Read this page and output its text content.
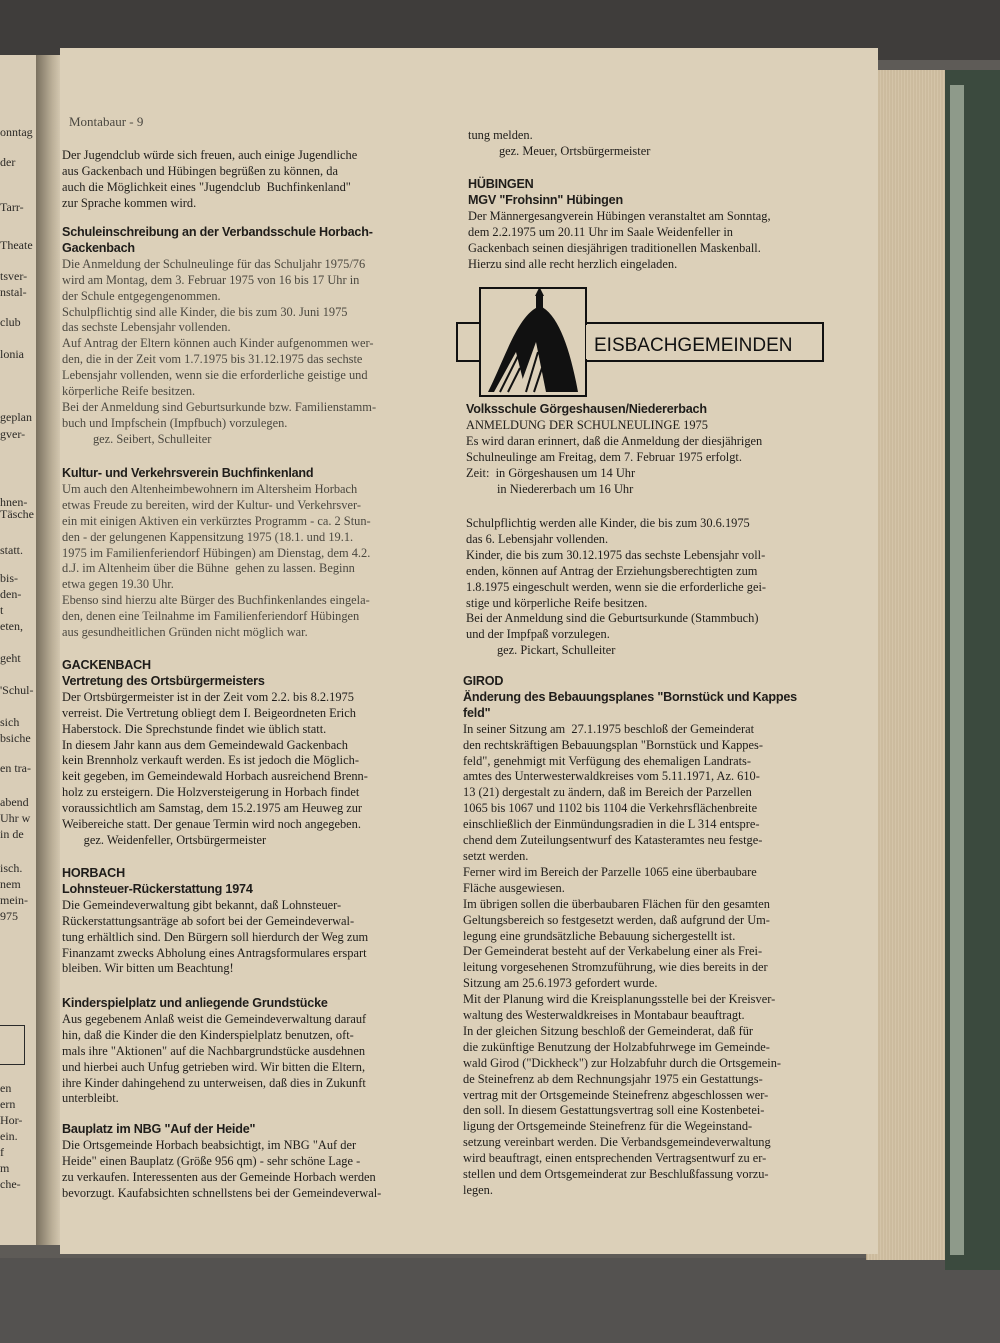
onntag
der
Tarr-
Theate
tsver-
nstal-
club
lonia
geplan
gver-
hnen-
Täsche
statt.
bis-
den-
t
eten,
geht
'Schul-
sich
bsiche
en tra-
abend
Uhr w
in de
isch.
nem
mein-
975
en
ern
Hor-
ein.
f
m
che-
Montabaur - 9

Der Jugendclub würde sich freuen, auch einige Jugendliche

aus Gackenbach und Hübingen begrüßen zu können, da

auch die Möglichkeit eines "Jugendclub  Buchfinkenland"

zur Sprache kommen wird.

Schuleinschreibung an der Verbandsschule Horbach-

Gackenbach

Die Anmeldung der Schulneulinge für das Schuljahr 1975/76

wird am Montag, dem 3. Februar 1975 von 16 bis 17 Uhr in

der Schule entgegengenommen.

Schulpflichtig sind alle Kinder, die bis zum 30. Juni 1975

das sechste Lebensjahr vollenden.

Auf Antrag der Eltern können auch Kinder aufgenommen wer-

den, die in der Zeit vom 1.7.1975 bis 31.12.1975 das sechste

Lebensjahr vollenden, wenn sie die erforderliche geistige und

körperliche Reife besitzen.

Bei der Anmeldung sind Geburtsurkunde bzw. Familienstamm-

buch und Impfschein (Impfbuch) vorzulegen.

gez. Seibert, Schulleiter

Kultur- und Verkehrsverein Buchfinkenland

Um auch den Altenheimbewohnern im Altersheim Horbach

etwas Freude zu bereiten, wird der Kultur- und Verkehrsver-

ein mit einigen Aktiven ein verkürztes Programm - ca. 2 Stun-

den - der gelungenen Kappensitzung 1975 (18.1. und 19.1.

1975 im Familienferiendorf Hübingen) am Dienstag, dem 4.2.

d.J. im Altenheim über die Bühne  gehen zu lassen. Beginn

etwa gegen 19.30 Uhr.

Ebenso sind hierzu alte Bürger des Buchfinkenlandes eingela-

den, denen eine Teilnahme im Familienferiendorf Hübingen

aus gesundheitlichen Gründen nicht möglich war.

GACKENBACH

Vertretung des Ortsbürgermeisters

Der Ortsbürgermeister ist in der Zeit vom 2.2. bis 8.2.1975

verreist. Die Vertretung obliegt dem I. Beigeordneten Erich

Haberstock. Die Sprechstunde findet wie üblich statt.

In diesem Jahr kann aus dem Gemeindewald Gackenbach

kein Brennholz verkauft werden. Es ist jedoch die Möglich-

keit gegeben, im Gemeindewald Horbach ausreichend Brenn-

holz zu ersteigern. Die Holzversteigerung in Horbach findet

voraussichtlich am Samstag, dem 15.2.1975 am Heuweg zur

Weibereiche statt. Der genaue Termin wird noch angegeben.

gez. Weidenfeller, Ortsbürgermeister

HORBACH

Lohnsteuer-Rückerstattung 1974

Die Gemeindeverwaltung gibt bekannt, daß Lohnsteuer-

Rückerstattungsanträge ab sofort bei der Gemeindeverwal-

tung erhältlich sind. Den Bürgern soll hierdurch der Weg zum

Finanzamt zwecks Abholung eines Antragsformulares erspart

bleiben. Wir bitten um Beachtung!

Kinderspielplatz und anliegende Grundstücke

Aus gegebenem Anlaß weist die Gemeindeverwaltung darauf

hin, daß die Kinder die den Kinderspielplatz benutzen, oft-

mals ihre "Aktionen" auf die Nachbargrundstücke ausdehnen

und hierbei auch Unfug getrieben wird. Wir bitten die Eltern,

ihre Kinder dahingehend zu unterweisen, daß dies in Zukunft

unterbleibt.

Bauplatz im NBG "Auf der Heide"

Die Ortsgemeinde Horbach beabsichtigt, im NBG "Auf der

Heide" einen Bauplatz (Größe 956 qm) - sehr schöne Lage -

zu verkaufen. Interessenten aus der Gemeinde Horbach werden

bevorzugt. Kaufabsichten schnellstens bei der Gemeindeverwal-

tung melden.

gez. Meuer, Ortsbürgermeister

HÜBINGEN

MGV "Frohsinn" Hübingen

Der Männergesangverein Hübingen veranstaltet am Sonntag,

dem 2.2.1975 um 20.11 Uhr im Saale Weidenfeller in

Gackenbach seinen diesjährigen traditionellen Maskenball.

Hierzu sind alle recht herzlich eingeladen.

EISBACHGEMEINDEN

Volksschule Görgeshausen/Niedererbach

ANMELDUNG DER SCHULNEULINGE 1975

Es wird daran erinnert, daß die Anmeldung der diesjährigen

Schulneulinge am Freitag, dem 7. Februar 1975 erfolgt.

Zeit:  in Görgeshausen um 14 Uhr

in Niedererbach um 16 Uhr

Schulpflichtig werden alle Kinder, die bis zum 30.6.1975

das 6. Lebensjahr vollenden.

Kinder, die bis zum 30.12.1975 das sechste Lebensjahr voll-

enden, können auf Antrag der Erziehungsberechtigten zum

1.8.1975 eingeschult werden, wenn sie die erforderliche gei-

stige und körperliche Reife besitzen.

Bei der Anmeldung sind die Geburtsurkunde (Stammbuch)

und der Impfpaß vorzulegen.

gez. Pickart, Schulleiter

GIROD

Änderung des Bebauungsplanes "Bornstück und Kappes

feld"

In seiner Sitzung am  27.1.1975 beschloß der Gemeinderat

den rechtskräftigen Bebauungsplan "Bornstück und Kappes-

feld", genehmigt mit Verfügung des ehemaligen Landrats-

amtes des Unterwesterwaldkreises vom 5.11.1971, Az. 610-

13 (21) dergestalt zu ändern, daß im Bereich der Parzellen

1065 bis 1067 und 1102 bis 1104 die Verkehrsflächenbreite

einschließlich der Einmündungsradien in die L 314 entspre-

chend dem Zuteilungsentwurf des Katasteramtes neu festge-

setzt werden.

Ferner wird im Bereich der Parzelle 1065 eine überbaubare

Fläche ausgewiesen.

Im übrigen sollen die überbaubaren Flächen für den gesamten

Geltungsbereich so festgesetzt werden, daß aufgrund der Um-

legung eine grundsätzliche Bebauung sichergestellt ist.

Der Gemeinderat besteht auf der Verkabelung einer als Frei-

leitung vorgesehenen Stromzuführung, wie dies bereits in der

Sitzung am 25.6.1973 gefordert wurde.

Mit der Planung wird die Kreisplanungsstelle bei der Kreisver-

waltung des Westerwaldkreises in Montabaur beauftragt.

In der gleichen Sitzung beschloß der Gemeinderat, daß für

die zukünftige Benutzung der Holzabfuhrwege im Gemeinde-

wald Girod ("Dickheck") zur Holzabfuhr durch die Ortsgemein-

de Steinefrenz ab dem Rechnungsjahr 1975 ein Gestattungs-

vertrag mit der Ortsgemeinde Steinefrenz abgeschlossen wer-

den soll. In diesem Gestattungsvertrag soll eine Kostenbetei-

ligung der Ortsgemeinde Steinefrenz für die Wegeinstand-

setzung vereinbart werden. Die Verbandsgemeindeverwaltung

wird beauftragt, einen entsprechenden Vertragsentwurf zu er-

stellen und dem Ortsgemeinderat zur Beschlußfassung vorzu-

legen.
